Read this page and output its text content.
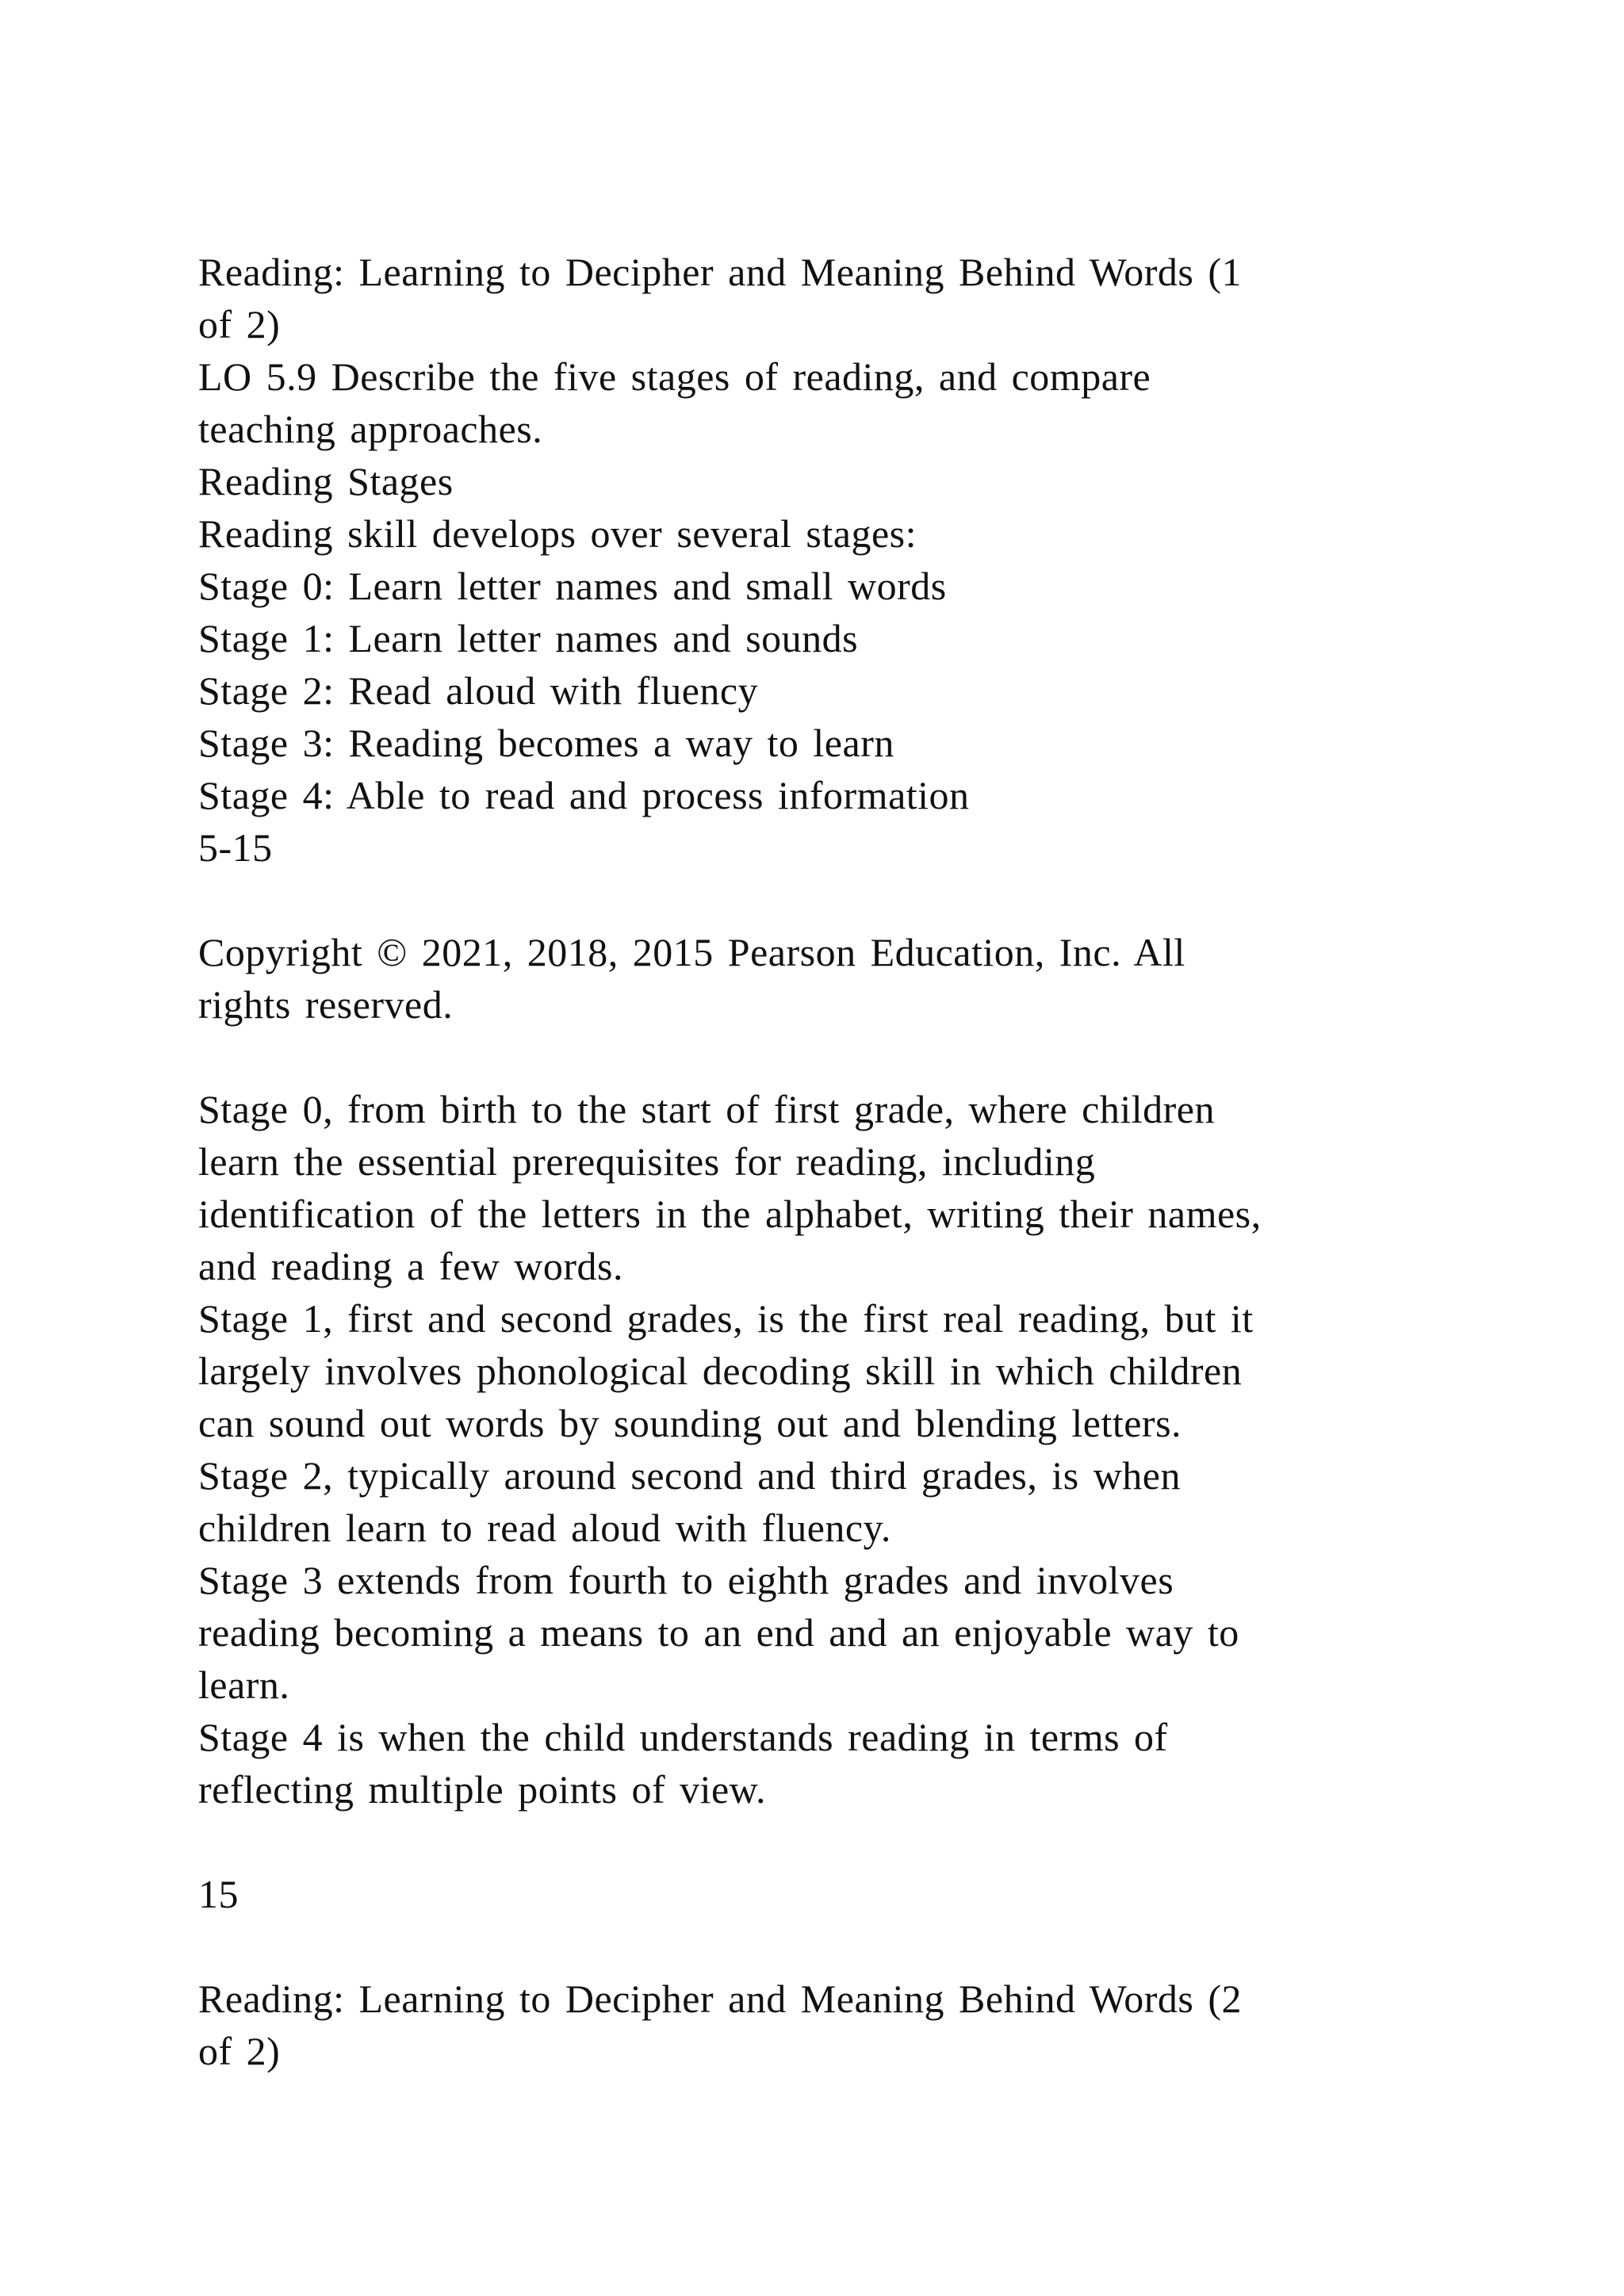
Reading: Learning to Decipher and Meaning Behind Words (1
of 2)
LO 5.9 Describe the five stages of reading, and compare
teaching approaches.
Reading Stages
Reading skill develops over several stages:
Stage 0: Learn letter names and small words
Stage 1: Learn letter names and sounds
Stage 2: Read aloud with fluency
Stage 3: Reading becomes a way to learn
Stage 4: Able to read and process information
5-15
Copyright © 2021, 2018, 2015 Pearson Education, Inc. All
rights reserved.
Stage 0, from birth to the start of first grade, where children
learn the essential prerequisites for reading, including
identification of the letters in the alphabet, writing their names,
and reading a few words.
Stage 1, first and second grades, is the first real reading, but it
largely involves phonological decoding skill in which children
can sound out words by sounding out and blending letters.
Stage 2, typically around second and third grades, is when
children learn to read aloud with fluency.
Stage 3 extends from fourth to eighth grades and involves
reading becoming a means to an end and an enjoyable way to
learn.
Stage 4 is when the child understands reading in terms of
reflecting multiple points of view.
15
Reading: Learning to Decipher and Meaning Behind Words (2
of 2)
